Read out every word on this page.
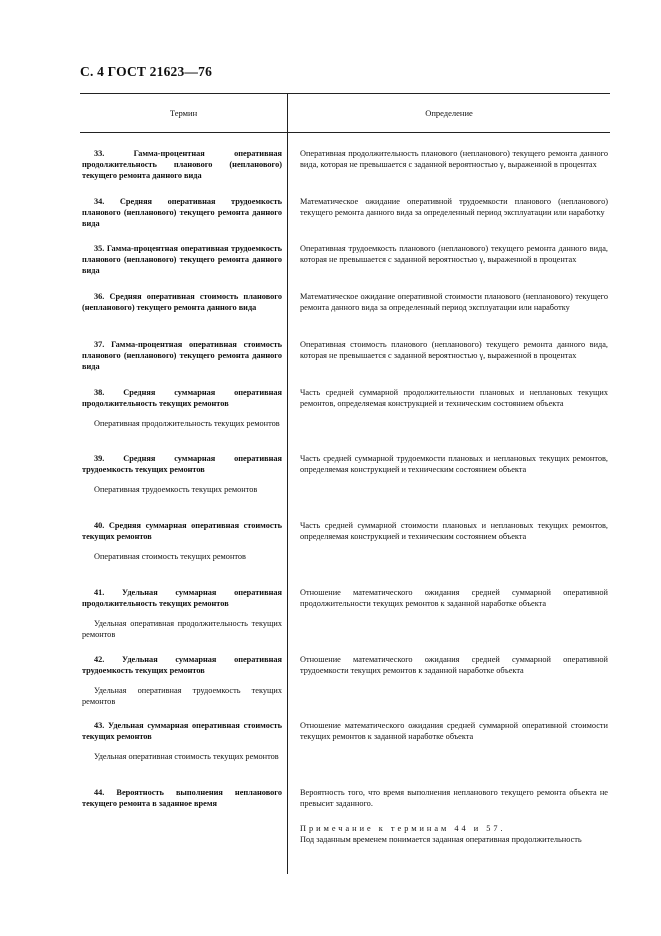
С. 4 ГОСТ 21623—76
Термин	Определение
33. Гамма-процентная оперативная продолжительность планового (непланового) текущего ремонта данного вида
34. Средняя оперативная трудоемкость планового (непланового) текущего ремонта данного вида
35. Гамма-процентная оперативная трудоемкость планового (непланового) текущего ремонта данного вида
36. Средняя оперативная стоимость планового (непланового) текущего ремонта данного вида
37. Гамма-процентная оперативная стоимость планового (непланового) текущего ремонта данного вида
38. Средняя суммарная оперативная продолжительность текущих ремонтов
Оперативная продолжительность текущих ремонтов
39. Средняя суммарная оперативная трудоемкость текущих ремонтов
Оперативная трудоемкость текущих ремонтов
40. Средняя суммарная оперативная стоимость текущих ремонтов
Оперативная стоимость текущих ремонтов
41. Удельная суммарная оперативная продолжительность текущих ремонтов
Удельная оперативная продолжительность текущих ремонтов
42. Удельная суммарная оперативная трудоемкость текущих ремонтов
Удельная оперативная трудоемкость текущих ремонтов
43. Удельная суммарная оперативная стоимость текущих ремонтов
Удельная оперативная стоимость текущих ремонтов
44. Вероятность выполнения непланового текущего ремонта в заданное время
Оперативная продолжительность планового (непланового) текущего ремонта данного вида, которая не превышается с заданной вероятностью γ, выраженной в процентах
Математическое ожидание оперативной трудоемкости планового (непланового) текущего ремонта данного вида за определенный период эксплуатации или наработку
Оперативная трудоемкость планового (непланового) текущего ремонта данного вида, которая не превышается с заданной вероятностью γ, выраженной в процентах
Математическое ожидание оперативной стоимости планового (непланового) текущего ремонта данного вида за определенный период эксплуатации или наработку
Оперативная стоимость планового (непланового) текущего ремонта данного вида, которая не превышается с заданной вероятностью γ, выраженной в процентах
Часть средней суммарной продолжительности плановых и неплановых текущих ремонтов, определяемая конструкцией и техническим состоянием объекта
Часть средней суммарной трудоемкости плановых и неплановых текущих ремонтов, определяемая конструкцией и техническим состоянием объекта
Часть средней суммарной стоимости плановых и неплановых текущих ремонтов, определяемая конструкцией и техническим состоянием объекта
Отношение математического ожидания средней суммарной оперативной продолжительности текущих ремонтов к заданной наработке объекта
Отношение математического ожидания средней суммарной оперативной трудоемкости текущих ремонтов к заданной наработке объекта
Отношение математического ожидания средней суммарной оперативной стоимости текущих ремонтов к заданной наработке объекта
Вероятность того, что время выполнения непланового текущего ремонта объекта не превысит заданного.
Примечание к терминам 44 и 57.
Под заданным временем понимается заданная оперативная продолжительность
